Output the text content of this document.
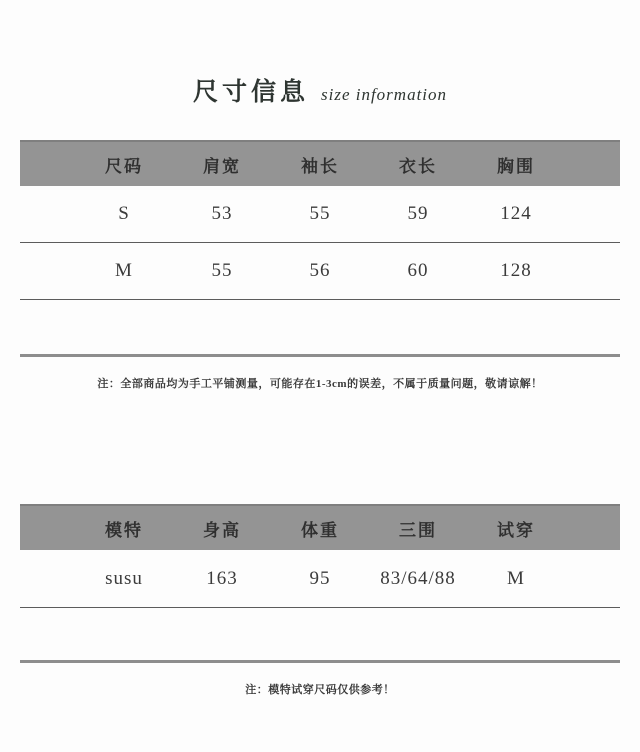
尺寸信息 size information
尺码	肩宽	袖长	衣长	胸围
S	53	55	59	124
M	55	56	60	128
注：全部商品均为手工平铺测量，可能存在1-3cm的误差，不属于质量问题，敬请谅解！
模特	身高	体重	三围	试穿
susu	163	95	83/64/88	M
注：模特试穿尺码仅供参考！
